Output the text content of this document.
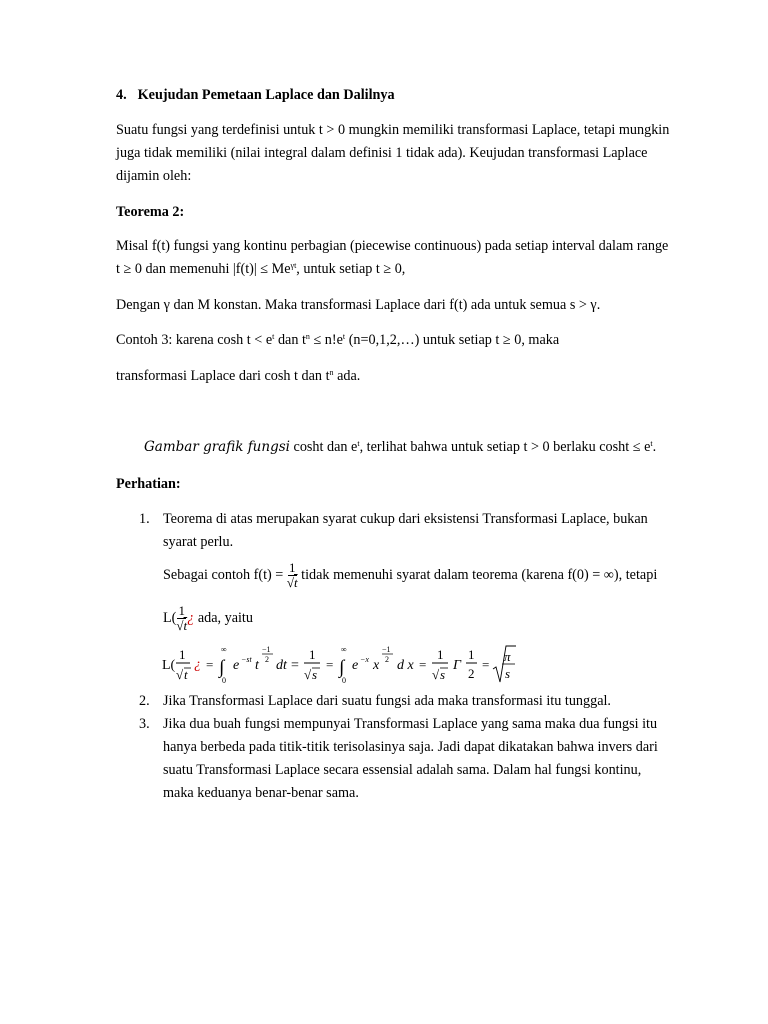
4. Keujudan Pemetaan Laplace dan Dalilnya
Suatu fungsi yang terdefinisi untuk t > 0 mungkin memiliki transformasi Laplace, tetapi mungkin
juga tidak memiliki (nilai integral dalam definisi 1 tidak ada). Keujudan transformasi Laplace
dijamin oleh:
Teorema 2:
Misal f(t) fungsi yang kontinu perbagian (piecewise continuous) pada setiap interval dalam range
t ≥ 0 dan memenuhi $|f(t)| \le Me^{\gamma t}$, untuk setiap t ≥ 0,
Dengan γ dan M konstan. Maka transformasi Laplace dari f(t) ada untuk semua s > γ.
Contoh 3: karena $\cosh t < e^t$ dan $t^n \le n!e^t$ (n=0,1,2,…) untuk setiap t ≥ 0, maka
transformasi Laplace dari cosh t dan $t^n$ ada.
Gambar grafik fungsi cosht dan $e^t$, terlihat bahwa untuk setiap t > 0 berlaku $\cosh t \le e^t$.
Perhatian:
1. Teorema di atas merupakan syarat cukup dari eksistensi Transformasi Laplace, bukan
syarat perlu.
Sebagai contoh $f(t) = \frac{1}{√t}$ tidak memenuhi syarat dalam teorema (karena f(0) = ∞), tetapi
$L( \frac{1}{√t}$ ¿ ada, yaitu
L(
1
√ t
¿ =
∞
∫
0
e −st t
−1
2 dt =
1
√ s
=
∞
∫
0
e −x x
−1
2 d x =
1
√ s
Γ
1
2
=
π
s
2. Jika Transformasi Laplace dari suatu fungsi ada maka transformasi itu tunggal.
3. Jika dua buah fungsi mempunyai Transformasi Laplace yang sama maka dua fungsi itu
hanya berbeda pada titik-titik terisolasinya saja. Jadi dapat dikatakan bahwa invers dari
suatu Transformasi Laplace secara essensial adalah sama. Dalam hal fungsi kontinu,
maka keduanya benar-benar sama.
